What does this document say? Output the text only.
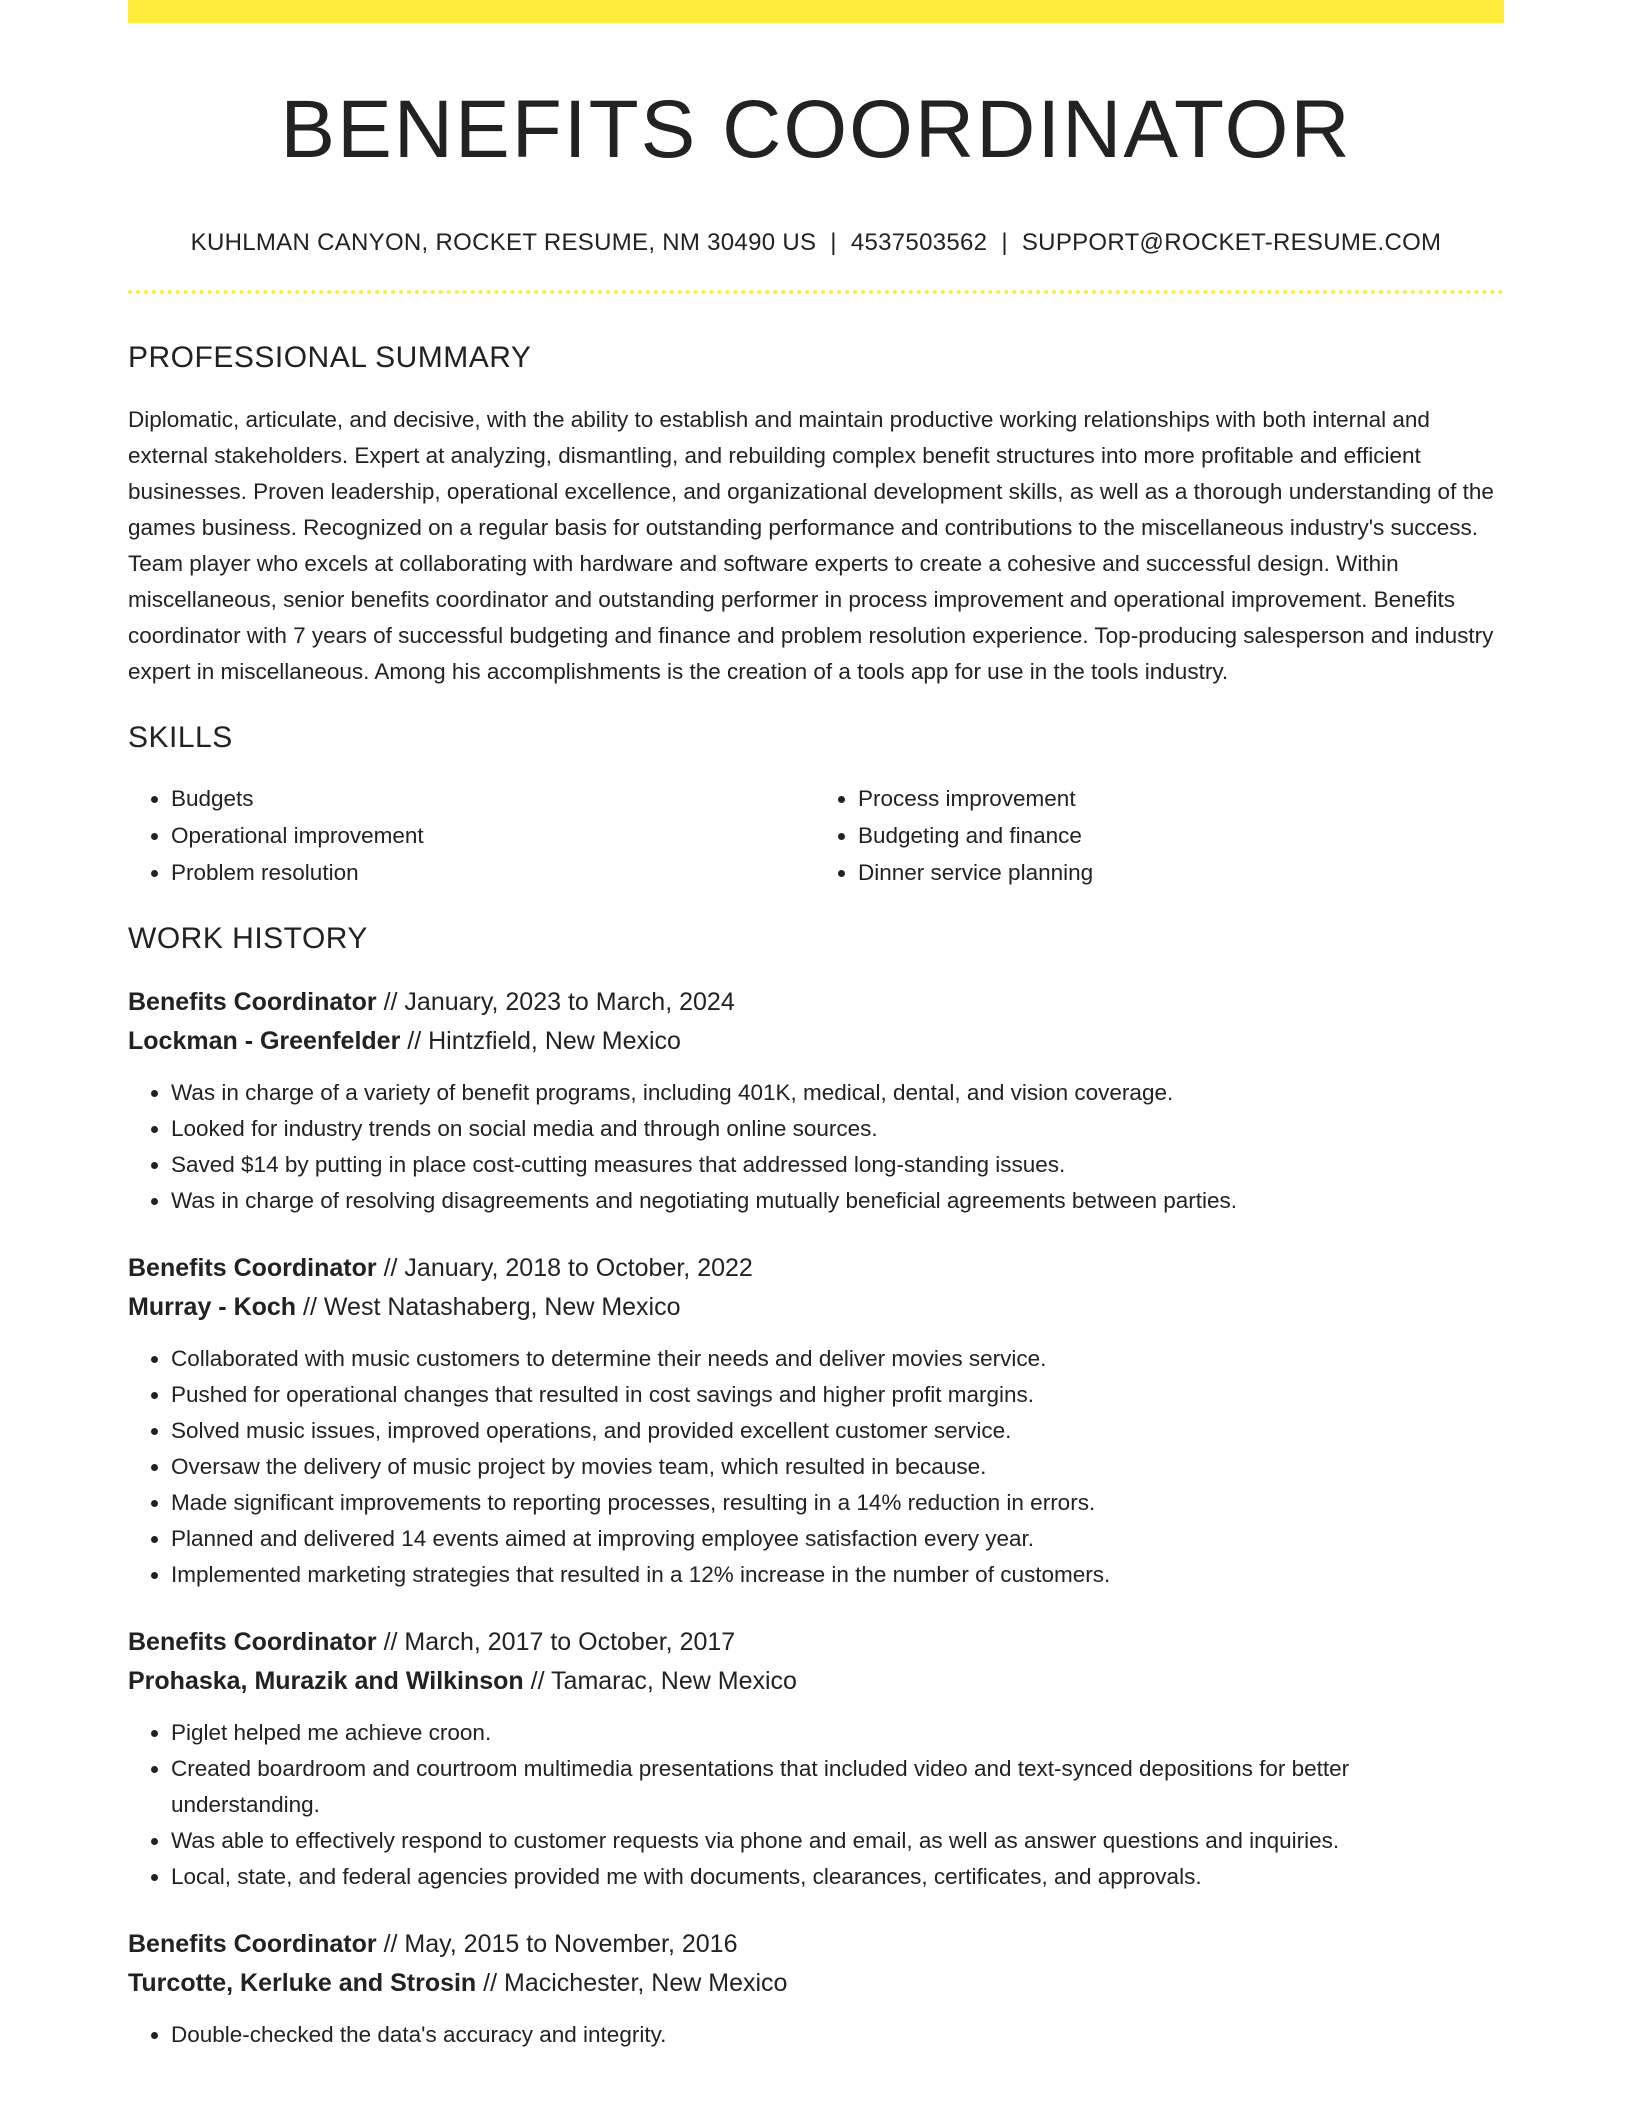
BENEFITS COORDINATOR
KUHLMAN CANYON, ROCKET RESUME, NM 30490 US | 4537503562 | SUPPORT@ROCKET-RESUME.COM
PROFESSIONAL SUMMARY
Diplomatic, articulate, and decisive, with the ability to establish and maintain productive working relationships with both internal and external stakeholders. Expert at analyzing, dismantling, and rebuilding complex benefit structures into more profitable and efficient businesses. Proven leadership, operational excellence, and organizational development skills, as well as a thorough understanding of the games business. Recognized on a regular basis for outstanding performance and contributions to the miscellaneous industry's success. Team player who excels at collaborating with hardware and software experts to create a cohesive and successful design. Within miscellaneous, senior benefits coordinator and outstanding performer in process improvement and operational improvement. Benefits coordinator with 7 years of successful budgeting and finance and problem resolution experience. Top-producing salesperson and industry expert in miscellaneous. Among his accomplishments is the creation of a tools app for use in the tools industry.
SKILLS
• Budgets
• Operational improvement
• Problem resolution
• Process improvement
• Budgeting and finance
• Dinner service planning
WORK HISTORY
Benefits Coordinator // January, 2023 to March, 2024
Lockman - Greenfelder // Hintzfield, New Mexico
• Was in charge of a variety of benefit programs, including 401K, medical, dental, and vision coverage.
• Looked for industry trends on social media and through online sources.
• Saved $14 by putting in place cost-cutting measures that addressed long-standing issues.
• Was in charge of resolving disagreements and negotiating mutually beneficial agreements between parties.
Benefits Coordinator // January, 2018 to October, 2022
Murray - Koch // West Natashaberg, New Mexico
• Collaborated with music customers to determine their needs and deliver movies service.
• Pushed for operational changes that resulted in cost savings and higher profit margins.
• Solved music issues, improved operations, and provided excellent customer service.
• Oversaw the delivery of music project by movies team, which resulted in because.
• Made significant improvements to reporting processes, resulting in a 14% reduction in errors.
• Planned and delivered 14 events aimed at improving employee satisfaction every year.
• Implemented marketing strategies that resulted in a 12% increase in the number of customers.
Benefits Coordinator // March, 2017 to October, 2017
Prohaska, Murazik and Wilkinson // Tamarac, New Mexico
• Piglet helped me achieve croon.
• Created boardroom and courtroom multimedia presentations that included video and text-synced depositions for better understanding.
• Was able to effectively respond to customer requests via phone and email, as well as answer questions and inquiries.
• Local, state, and federal agencies provided me with documents, clearances, certificates, and approvals.
Benefits Coordinator // May, 2015 to November, 2016
Turcotte, Kerluke and Strosin // Macichester, New Mexico
• Double-checked the data's accuracy and integrity.
